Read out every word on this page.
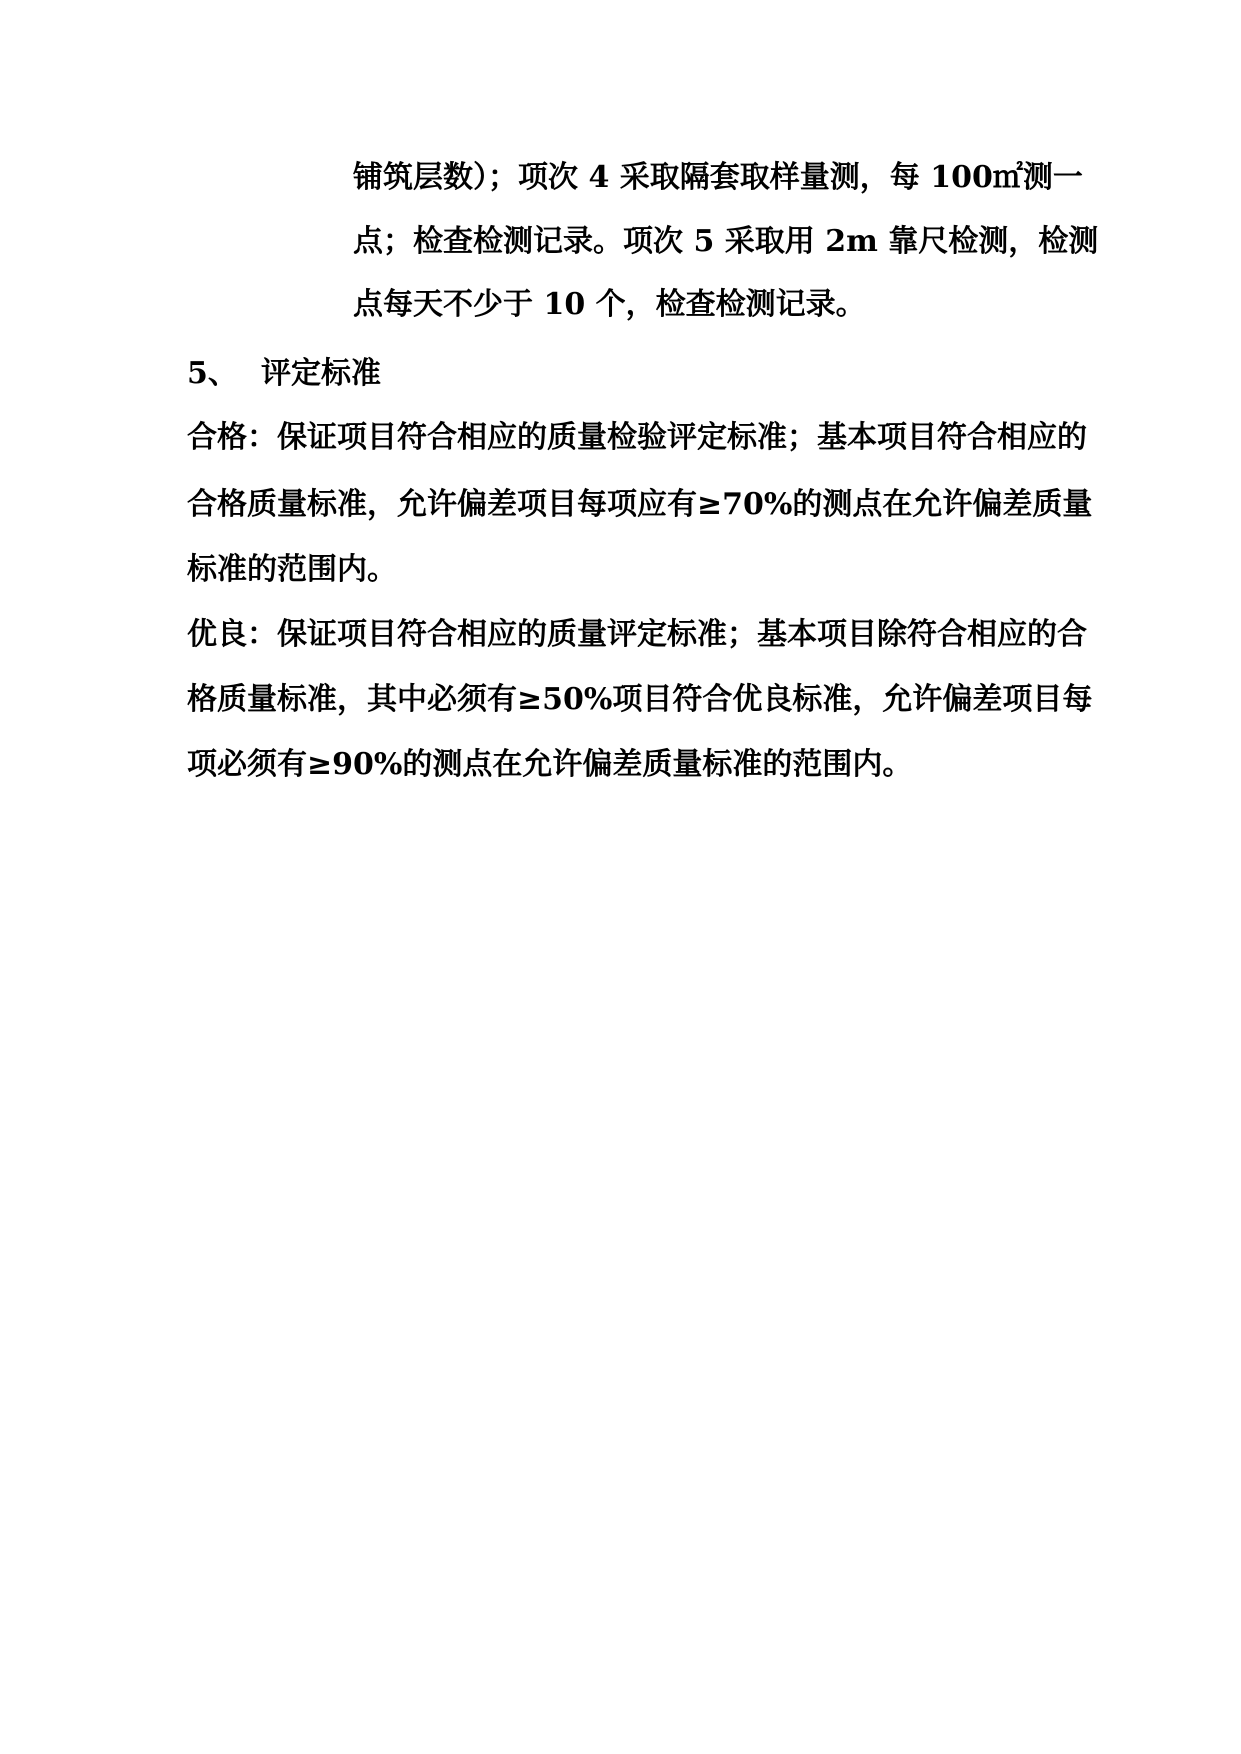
铺筑层数）；项次 4 采取隔套取样量测，每 100㎡测一
点；检查检测记录。项次 5 采取用 2m 靠尺检测，检测
点每天不少于 10 个，检查检测记录。
5、 评定标准
合格：保证项目符合相应的质量检验评定标准；基本项目符合相应的
合格质量标准，允许偏差项目每项应有≥70%的测点在允许偏差质量
标准的范围内。
优良：保证项目符合相应的质量评定标准；基本项目除符合相应的合
格质量标准，其中必须有≥50%项目符合优良标准，允许偏差项目每
项必须有≥90%的测点在允许偏差质量标准的范围内。
